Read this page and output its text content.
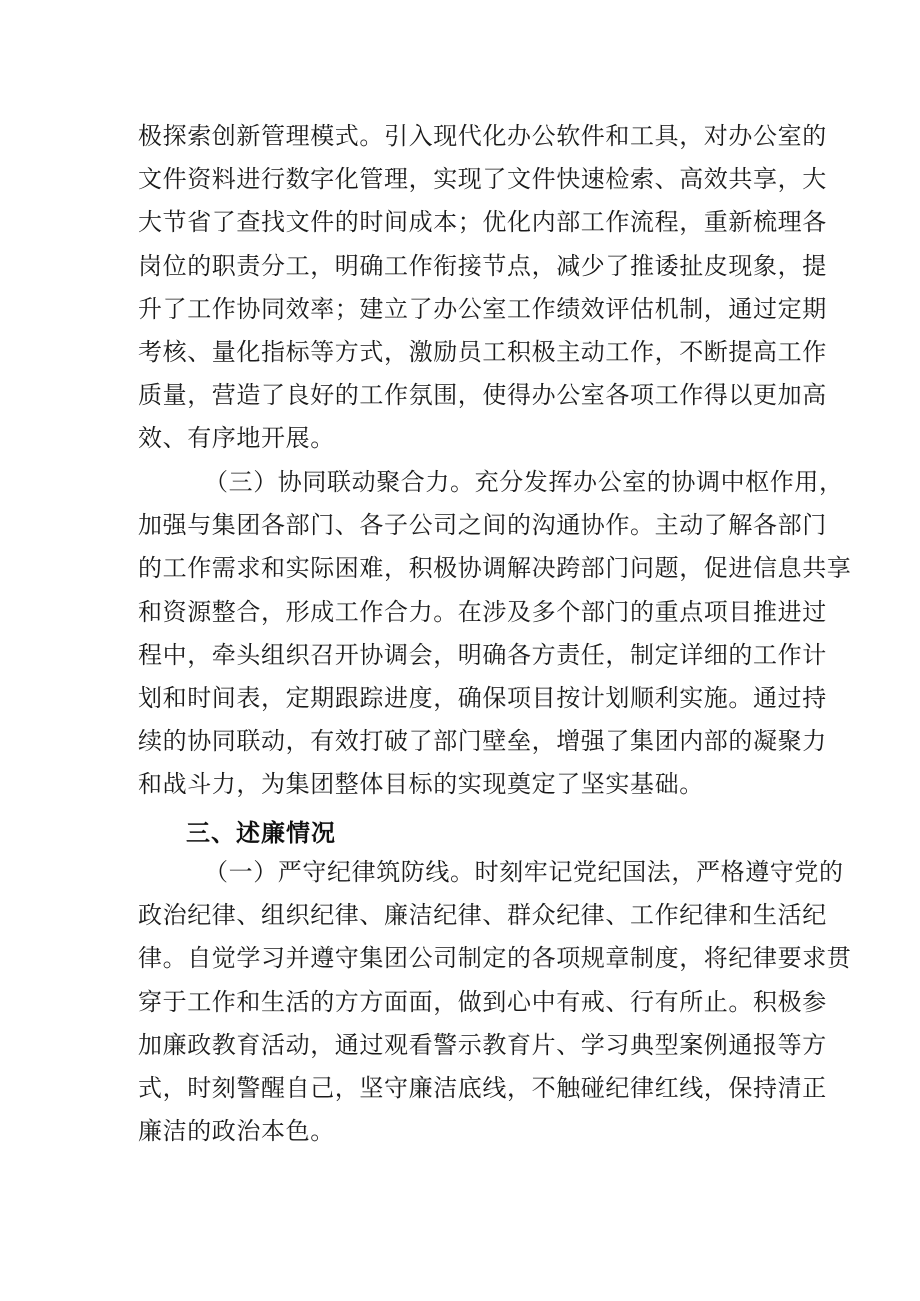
极探索创新管理模式。引入现代化办公软件和工具，对办公室的
文件资料进行数字化管理，实现了文件快速检索、高效共享，大
大节省了查找文件的时间成本；优化内部工作流程，重新梳理各
岗位的职责分工，明确工作衔接节点，减少了推诿扯皮现象，提
升了工作协同效率；建立了办公室工作绩效评估机制，通过定期
考核、量化指标等方式，激励员工积极主动工作，不断提高工作
质量，营造了良好的工作氛围，使得办公室各项工作得以更加高
效、有序地开展。
（三）协同联动聚合力。充分发挥办公室的协调中枢作用，
加强与集团各部门、各子公司之间的沟通协作。主动了解各部门
的工作需求和实际困难，积极协调解决跨部门问题，促进信息共享
和资源整合，形成工作合力。在涉及多个部门的重点项目推进过
程中，牵头组织召开协调会，明确各方责任，制定详细的工作计
划和时间表，定期跟踪进度，确保项目按计划顺利实施。通过持
续的协同联动，有效打破了部门壁垒，增强了集团内部的凝聚力
和战斗力，为集团整体目标的实现奠定了坚实基础。
三、述廉情况
（一）严守纪律筑防线。时刻牢记党纪国法，严格遵守党的
政治纪律、组织纪律、廉洁纪律、群众纪律、工作纪律和生活纪
律。自觉学习并遵守集团公司制定的各项规章制度，将纪律要求贯
穿于工作和生活的方方面面，做到心中有戒、行有所止。积极参
加廉政教育活动，通过观看警示教育片、学习典型案例通报等方
式，时刻警醒自己，坚守廉洁底线，不触碰纪律红线，保持清正
廉洁的政治本色。
